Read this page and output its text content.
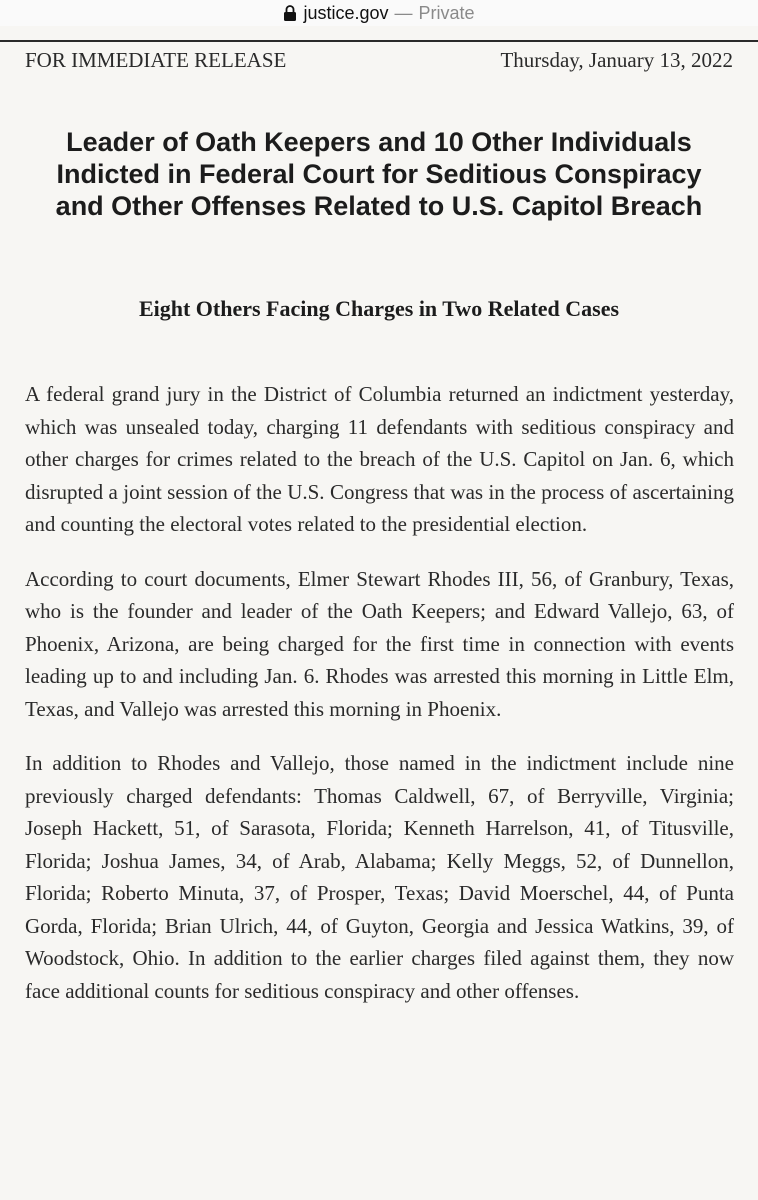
justice.gov — Private
FOR IMMEDIATE RELEASE	Thursday, January 13, 2022
Leader of Oath Keepers and 10 Other Individuals Indicted in Federal Court for Seditious Conspiracy and Other Offenses Related to U.S. Capitol Breach
Eight Others Facing Charges in Two Related Cases

A federal grand jury in the District of Columbia returned an indictment yesterday, which was unsealed today, charging 11 defendants with seditious conspiracy and other charges for crimes related to the breach of the U.S. Capitol on Jan. 6, which disrupted a joint session of the U.S. Congress that was in the process of ascertaining and counting the electoral votes related to the presidential election.

According to court documents, Elmer Stewart Rhodes III, 56, of Granbury, Texas, who is the founder and leader of the Oath Keepers; and Edward Vallejo, 63, of Phoenix, Arizona, are being charged for the first time in connection with events leading up to and including Jan. 6. Rhodes was arrested this morning in Little Elm, Texas, and Vallejo was arrested this morning in Phoenix.

In addition to Rhodes and Vallejo, those named in the indictment include nine previously charged defendants: Thomas Caldwell, 67, of Berryville, Virginia; Joseph Hackett, 51, of Sarasota, Florida; Kenneth Harrelson, 41, of Titusville, Florida; Joshua James, 34, of Arab, Alabama; Kelly Meggs, 52, of Dunnellon, Florida; Roberto Minuta, 37, of Prosper, Texas; David Moerschel, 44, of Punta Gorda, Florida; Brian Ulrich, 44, of Guyton, Georgia and Jessica Watkins, 39, of Woodstock, Ohio. In addition to the earlier charges filed against them, they now face additional counts for seditious conspiracy and other offenses.
